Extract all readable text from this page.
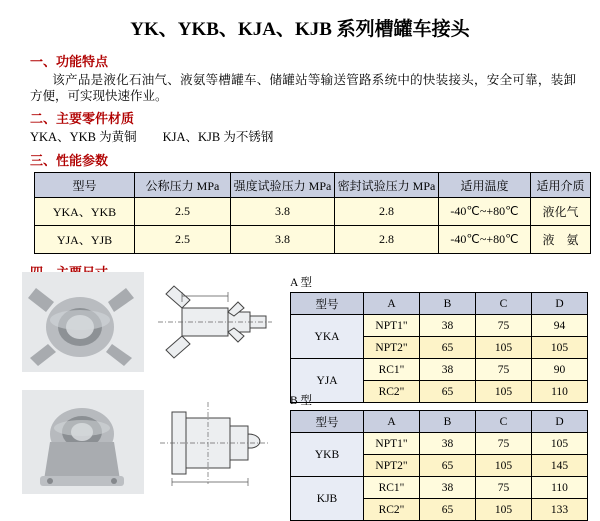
YK、YKB、KJA、KJB 系列槽罐车接头
一、功能特点
该产品是液化石油气、液氨等槽罐车、储罐站等输送管路系统中的快装接头，安全可靠，装卸方便，可实现快速作业。
二、主要零件材质
YKA、YKB 为黄铜 KJA、KJB 为不锈钢
三、性能参数
型号	公称压力 MPa	强度试验压力 MPa	密封试验压力 MPa	适用温度	适用介质
YKA、YKB	2.5	3.8	2.8	-40℃~+80℃	液化气
YJA、YJB	2.5	3.8	2.8	-40℃~+80℃	液　氨
A 型
型号	A	B	C	D
YKA	NPT1"	38	75	94
	NPT2"	65	105	105
YJA	RC1"	38	75	90
	RC2"	65	105	110
B 型
型号	A	B	C	D
YKB	NPT1"	38	75	105
	NPT2"	65	105	145
KJB	RC1"	38	75	110
	RC2"	65	105	133
